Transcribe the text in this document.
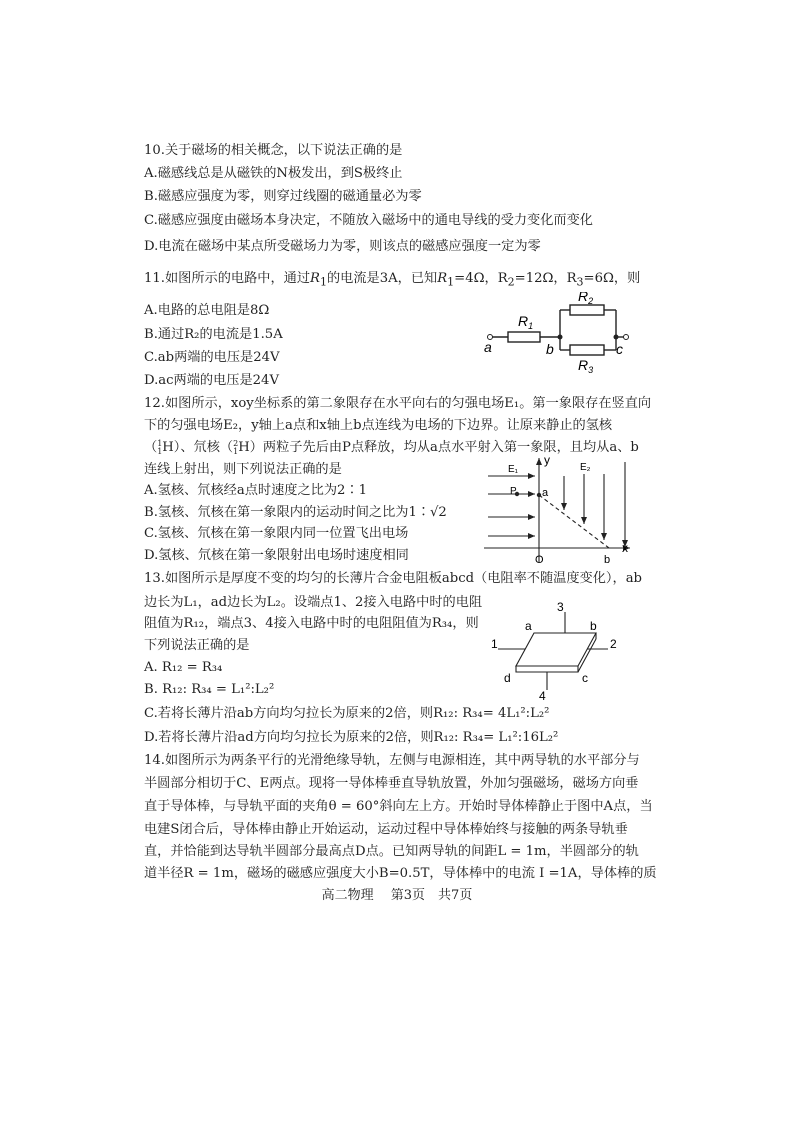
10.关于磁场的相关概念，以下说法正确的是
A.磁感线总是从磁铁的N极发出，到S极终止
B.磁感应强度为零，则穿过线圈的磁通量必为零
C.磁感应强度由磁场本身决定，不随放入磁场中的通电导线的受力变化而变化
D.电流在磁场中某点所受磁场力为零，则该点的磁感应强度一定为零
11.如图所示的电路中，通过$R_1$的电流是3A，已知$R_1=4\Omega$，$R_2=12\Omega$，$R_3=6\Omega$，则
A.电路的总电阻是8Ω
B.通过R₂的电流是1.5A
C.ab两端的电压是24V
D.ac两端的电压是24V
$R_1$
$R_2$
$R_3$
a	b	c
12.如图所示，xoy坐标系的第二象限存在水平向右的匀强电场E₁。第一象限存在竖直向
下的匀强电场E₂，y轴上a点和x轴上b点连线为电场的下边界。让原来静止的氢核
（1
1H）、氘核（2
1H）两粒子先后由P点释放，均从a点水平射入第一象限，且均从a、b
连线上射出，则下列说法正确的是
A.氢核、氘核经a点时速度之比为2∶1
B.氢核、氘核在第一象限内的运动时间之比为1∶√2
C.氢核、氘核在第一象限内同一位置飞出电场
D.氢核、氘核在第一象限射出电场时速度相同
E₁	E₂
y
x
P a
O	b
13.如图所示是厚度不变的均匀的长薄片合金电阻板abcd（电阻率不随温度变化），ab
边长为L₁，ad边长为L₂。设端点1、2接入电路中时的电阻
阻值为R₁₂，端点3、4接入电路中时的电阻阻值为R₃₄，则
下列说法正确的是
A. R₁₂ = R₃₄
B. R₁₂: R₃₄ = L₁²:L₂²
C.若将长薄片沿ab方向均匀拉长为原来的2倍，则R₁₂: R₃₄= 4L₁²:L₂²
D.若将长薄片沿ad方向均匀拉长为原来的2倍，则R₁₂: R₃₄= L₁²:16L₂²
3
1	2
4
a	b
c
d
14.如图所示为两条平行的光滑绝缘导轨，左侧与电源相连，其中两导轨的水平部分与
半圆部分相切于C、E两点。现将一导体棒垂直导轨放置，外加匀强磁场，磁场方向垂
直于导体棒，与导轨平面的夹角θ = 60°斜向左上方。开始时导体棒静止于图中A点，当
电建S闭合后，导体棒由静止开始运动，运动过程中导体棒始终与接触的两条导轨垂
直，并恰能到达导轨半圆部分最高点D点。已知两导轨的间距L = 1m，半圆部分的轨
道半径R = 1m，磁场的磁感应强度大小B=0.5T，导体棒中的电流 I =1A，导体棒的质
高二物理　 第3页　共7页
